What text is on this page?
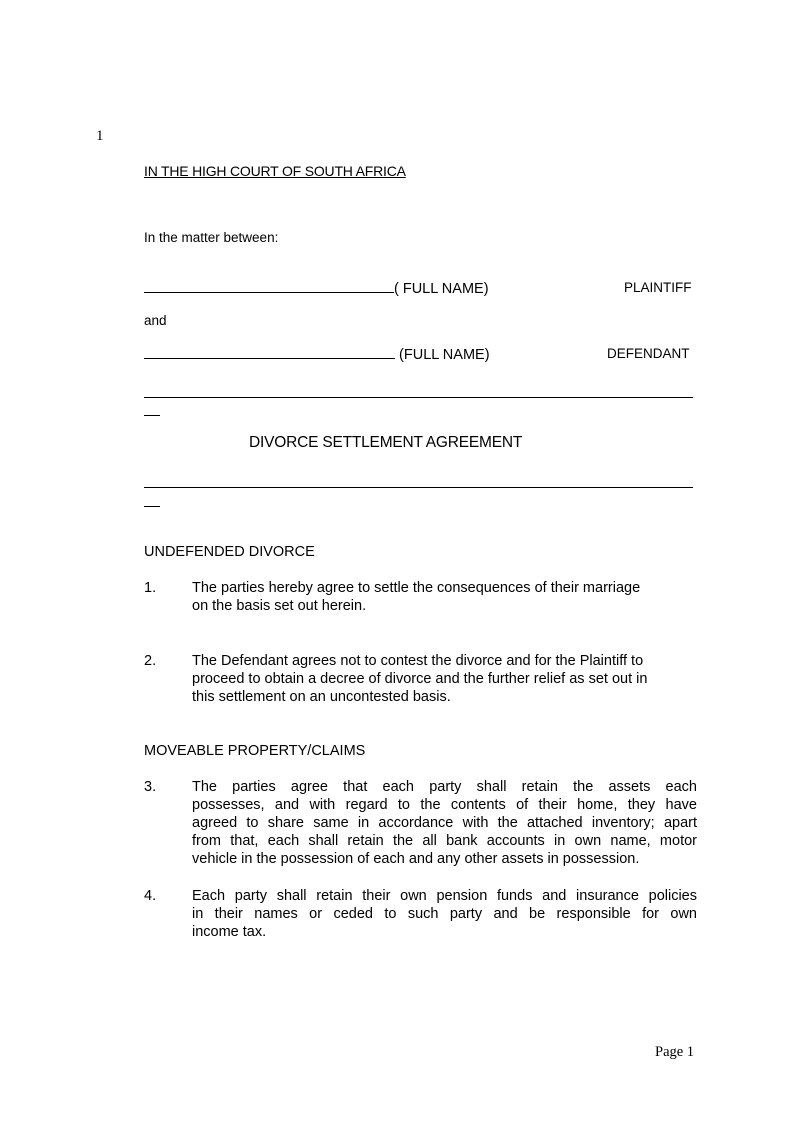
1
IN THE HIGH COURT OF SOUTH AFRICA
In the matter between:
( FULL NAME)	PLAINTIFF
and
(FULL NAME)	DEFENDANT
DIVORCE SETTLEMENT AGREEMENT
UNDEFENDED DIVORCE
1.	The parties hereby agree to settle the consequences of their marriage
on the basis set out herein.
2.	The Defendant agrees not to contest the divorce and for the Plaintiff to
proceed to obtain a decree of divorce and the further relief as set out in
this settlement on an uncontested basis.
MOVEABLE PROPERTY/CLAIMS
3.	The parties agree that each party shall retain the assets each
possesses, and with regard to the contents of their home, they have
agreed to share same in accordance with the attached inventory; apart
from that, each shall retain the all bank accounts in own name, motor
vehicle in the possession of each and any other assets in possession.
4.	Each party shall retain their own pension funds and insurance policies
in their names or ceded to such party and be responsible for own
income tax.
Page 1
